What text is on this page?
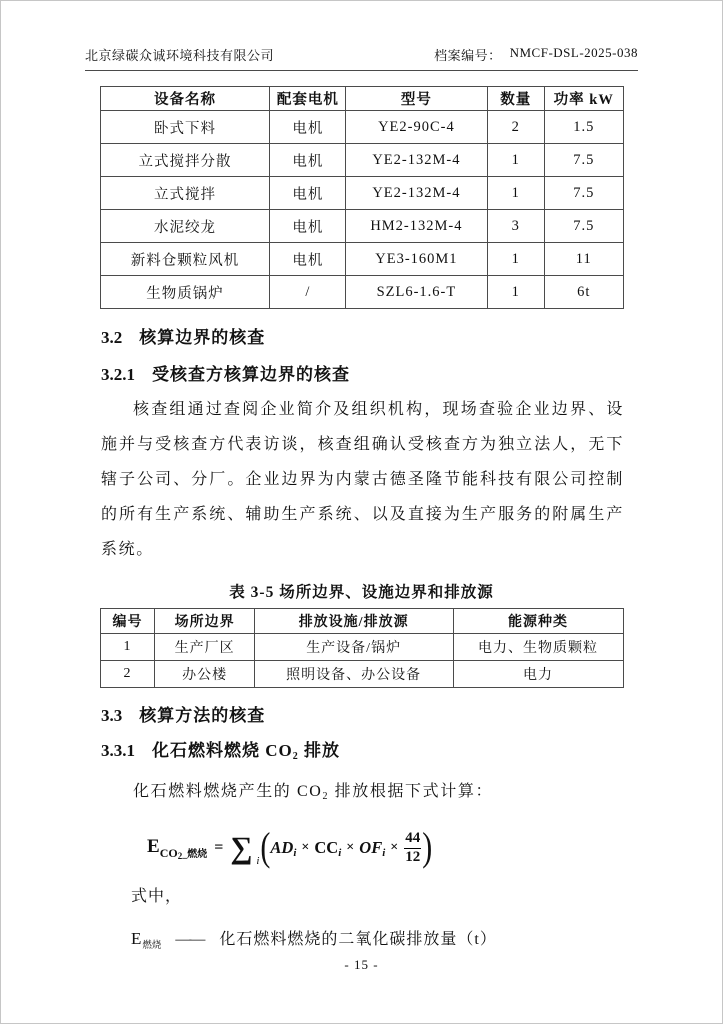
北京绿碳众诚环境科技有限公司	档案编号： NMCF-DSL-2025-038
设备名称	配套电机	型号	数量	功率 kW
卧式下料	电机	YE2-90C-4	2	1.5
立式搅拌分散	电机	YE2-132M-4	1	7.5
立式搅拌	电机	YE2-132M-4	1	7.5
水泥绞龙	电机	HM2-132M-4	3	7.5
新料仓颗粒风机	电机	YE3-160M1	1	11
生物质锅炉	/	SZL6-1.6-T	1	6t
3.2 核算边界的核查
3.2.1 受核查方核算边界的核查

核查组通过查阅企业简介及组织机构，现场查验企业边界、设施并与受核查方代表访谈，核查组确认受核查方为独立法人，无下辖子公司、分厂。企业边界为内蒙古德圣隆节能科技有限公司控制的所有生产系统、辅助生产系统、以及直接为生产服务的附属生产系统。

表 3-5 场所边界、设施边界和排放源
编号	场所边界	排放设施/排放源	能源种类
1	生产厂区	生产设备/锅炉	电力、生物质颗粒
2	办公楼	照明设备、办公设备	电力
3.3 核算方法的核查
3.3.1 化石燃料燃烧 $CO_2$ 排放

化石燃料燃烧产生的 $CO_2$ 排放根据下式计算：

$E_{CO2\_燃烧}$ = ∑ i ( $AD_i \times CC_i \times OF_i \times \frac{44}{12}$ )
式中，
$E_{燃烧}$ —— 化石燃料燃烧的二氧化碳排放量（t）
- 15 -
